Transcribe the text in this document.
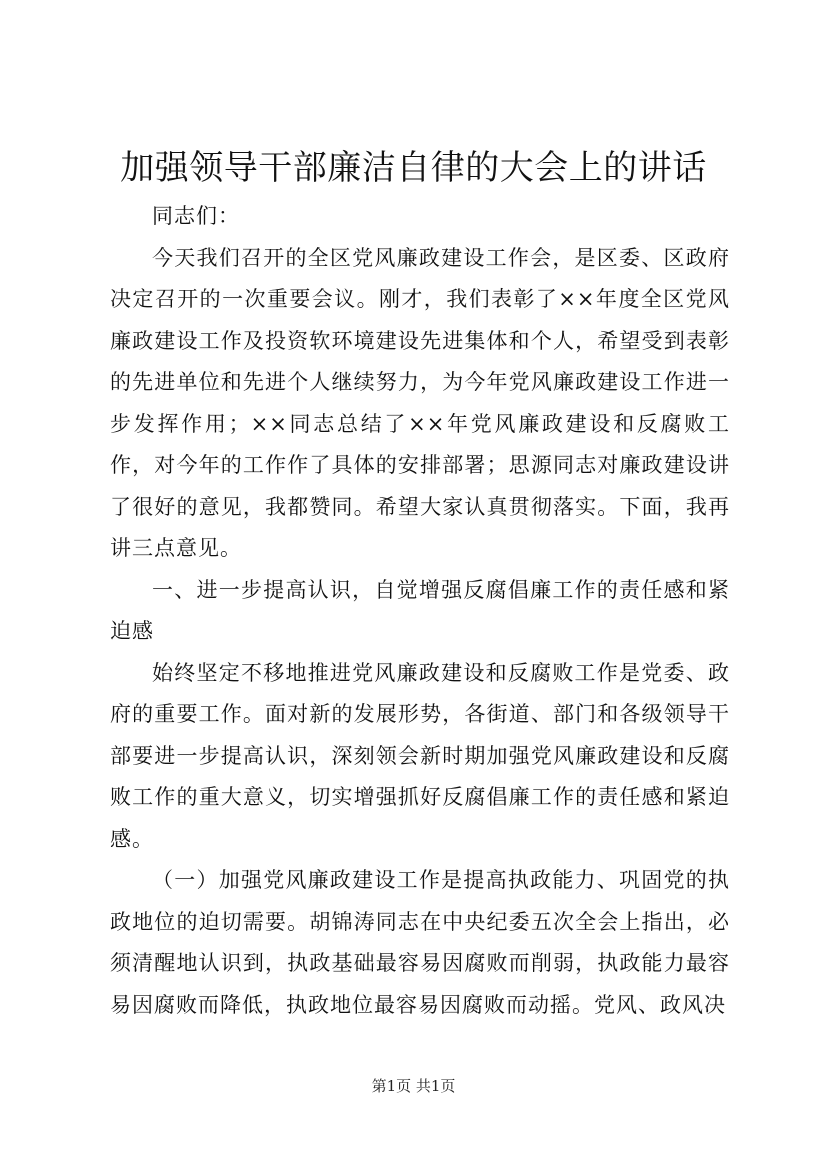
加强领导干部廉洁自律的大会上的讲话

同志们：

今天我们召开的全区党风廉政建设工作会，是区委、区政府决定召开的一次重要会议。刚才，我们表彰了××年度全区党风廉政建设工作及投资软环境建设先进集体和个人，希望受到表彰的先进单位和先进个人继续努力，为今年党风廉政建设工作进一步发挥作用；××同志总结了××年党风廉政建设和反腐败工作，对今年的工作作了具体的安排部署；思源同志对廉政建设讲了很好的意见，我都赞同。希望大家认真贯彻落实。下面，我再讲三点意见。

一、进一步提高认识，自觉增强反腐倡廉工作的责任感和紧迫感

始终坚定不移地推进党风廉政建设和反腐败工作是党委、政府的重要工作。面对新的发展形势，各街道、部门和各级领导干部要进一步提高认识，深刻领会新时期加强党风廉政建设和反腐败工作的重大意义，切实增强抓好反腐倡廉工作的责任感和紧迫感。

（一）加强党风廉政建设工作是提高执政能力、巩固党的执政地位的迫切需要。胡锦涛同志在中央纪委五次全会上指出，必须清醒地认识到，执政基础最容易因腐败而削弱，执政能力最容易因腐败而降低，执政地位最容易因腐败而动摇。党风、政风决

第1页 共1页
